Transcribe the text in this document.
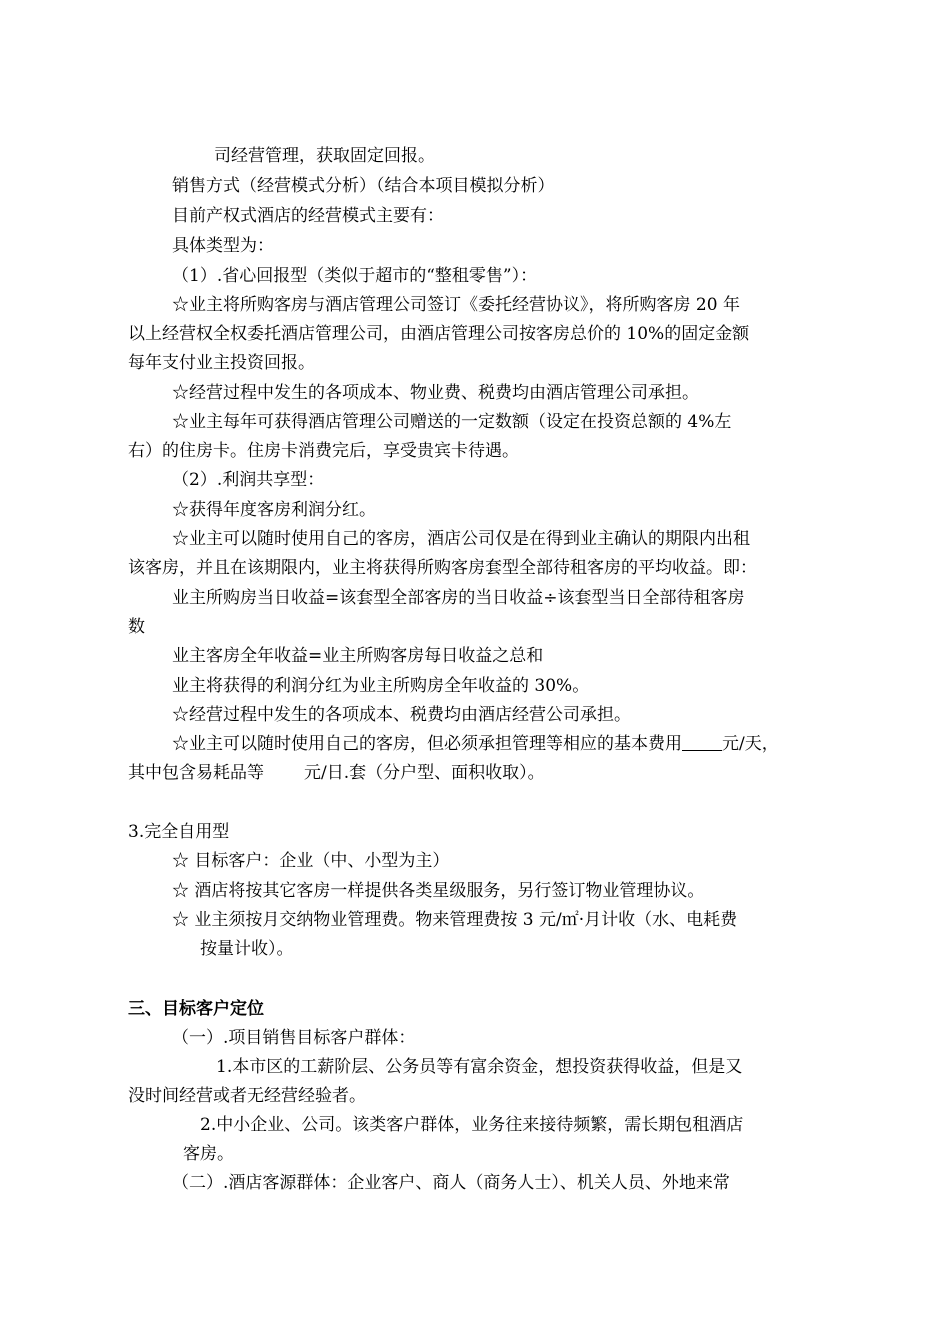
司经营管理，获取固定回报。
销售方式（经营模式分析）（结合本项目模拟分析）
目前产权式酒店的经营模式主要有：
具体类型为：
（1）.省心回报型（类似于超市的“整租零售”）：
☆业主将所购客房与酒店管理公司签订《委托经营协议》，将所购客房 20 年
以上经营权全权委托酒店管理公司，由酒店管理公司按客房总价的 10%的固定金额
每年支付业主投资回报。
☆经营过程中发生的各项成本、物业费、税费均由酒店管理公司承担。
☆业主每年可获得酒店管理公司赠送的一定数额（设定在投资总额的 4%左
右）的住房卡。住房卡消费完后，享受贵宾卡待遇。
（2）.利润共享型：
☆获得年度客房利润分红。
☆业主可以随时使用自己的客房，酒店公司仅是在得到业主确认的期限内出租
该客房，并且在该期限内，业主将获得所购客房套型全部待租客房的平均收益。即：
业主所购房当日收益=该套型全部客房的当日收益÷该套型当日全部待租客房
数
业主客房全年收益=业主所购客房每日收益之总和
业主将获得的利润分红为业主所购房全年收益的 30%。
☆经营过程中发生的各项成本、税费均由酒店经营公司承担。
☆业主可以随时使用自己的客房，但必须承担管理等相应的基本费用 元/天，
其中包含易耗品等 元/日.套（分户型、面积收取）。
3.完全自用型
☆ 目标客户：企业（中、小型为主）
☆ 酒店将按其它客房一样提供各类星级服务，另行签订物业管理协议。
☆ 业主须按月交纳物业管理费。物来管理费按 3 元/㎡·月计收（水、电耗费
按量计收）。
三、目标客户定位
（一）.项目销售目标客户群体：
1.本市区的工薪阶层、公务员等有富余资金，想投资获得收益，但是又
没时间经营或者无经营经验者。
2.中小企业、公司。该类客户群体，业务往来接待频繁，需长期包租酒店
客房。
（二）.酒店客源群体：企业客户、商人（商务人士）、机关人员、外地来常
